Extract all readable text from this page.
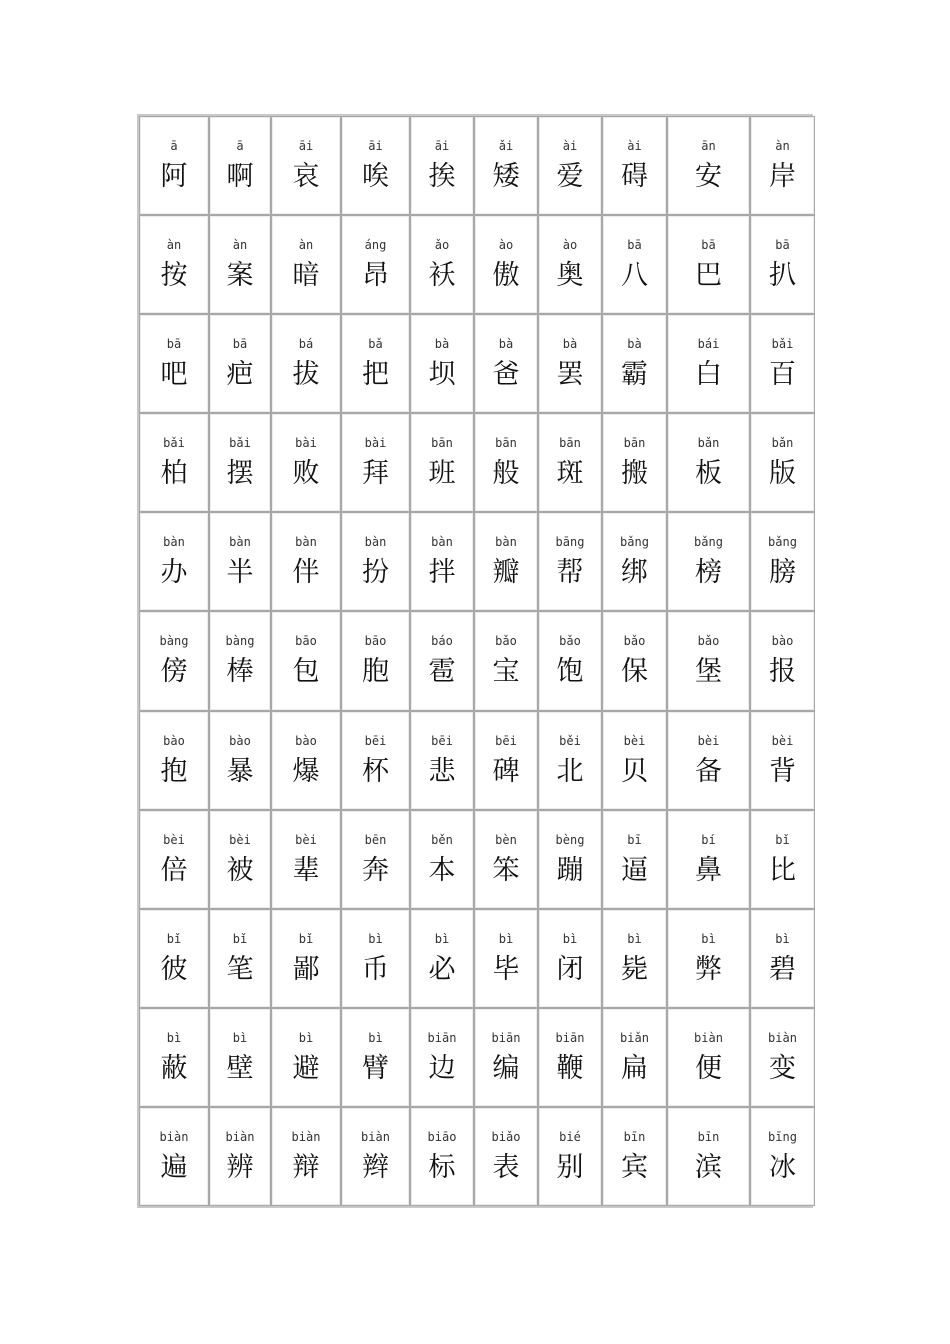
ā
阿
ā
啊
āi
哀
āi
唉
āi
挨
ǎi
矮
ài
爱
ài
碍
ān
安
àn
岸
àn
按
àn
案
àn
暗
áng
昂
ǎo
袄
ào
傲
ào
奥
bā
八
bā
巴
bā
扒
bā
吧
bā
疤
bá
拔
bǎ
把
bà
坝
bà
爸
bà
罢
bà
霸
bái
白
bǎi
百
bǎi
柏
bǎi
摆
bài
败
bài
拜
bān
班
bān
般
bān
斑
bān
搬
bǎn
板
bǎn
版
bàn
办
bàn
半
bàn
伴
bàn
扮
bàn
拌
bàn
瓣
bāng
帮
bǎng
绑
bǎng
榜
bǎng
膀
bàng
傍
bàng
棒
bāo
包
bāo
胞
báo
雹
bǎo
宝
bǎo
饱
bǎo
保
bǎo
堡
bào
报
bào
抱
bào
暴
bào
爆
bēi
杯
bēi
悲
bēi
碑
běi
北
bèi
贝
bèi
备
bèi
背
bèi
倍
bèi
被
bèi
辈
bēn
奔
běn
本
bèn
笨
bèng
蹦
bī
逼
bí
鼻
bǐ
比
bǐ
彼
bǐ
笔
bǐ
鄙
bì
币
bì
必
bì
毕
bì
闭
bì
毙
bì
弊
bì
碧
bì
蔽
bì
壁
bì
避
bì
臂
biān
边
biān
编
biān
鞭
biǎn
扁
biàn
便
biàn
变
biàn
遍
biàn
辨
biàn
辩
biàn
辫
biāo
标
biǎo
表
bié
别
bīn
宾
bīn
滨
bīng
冰
